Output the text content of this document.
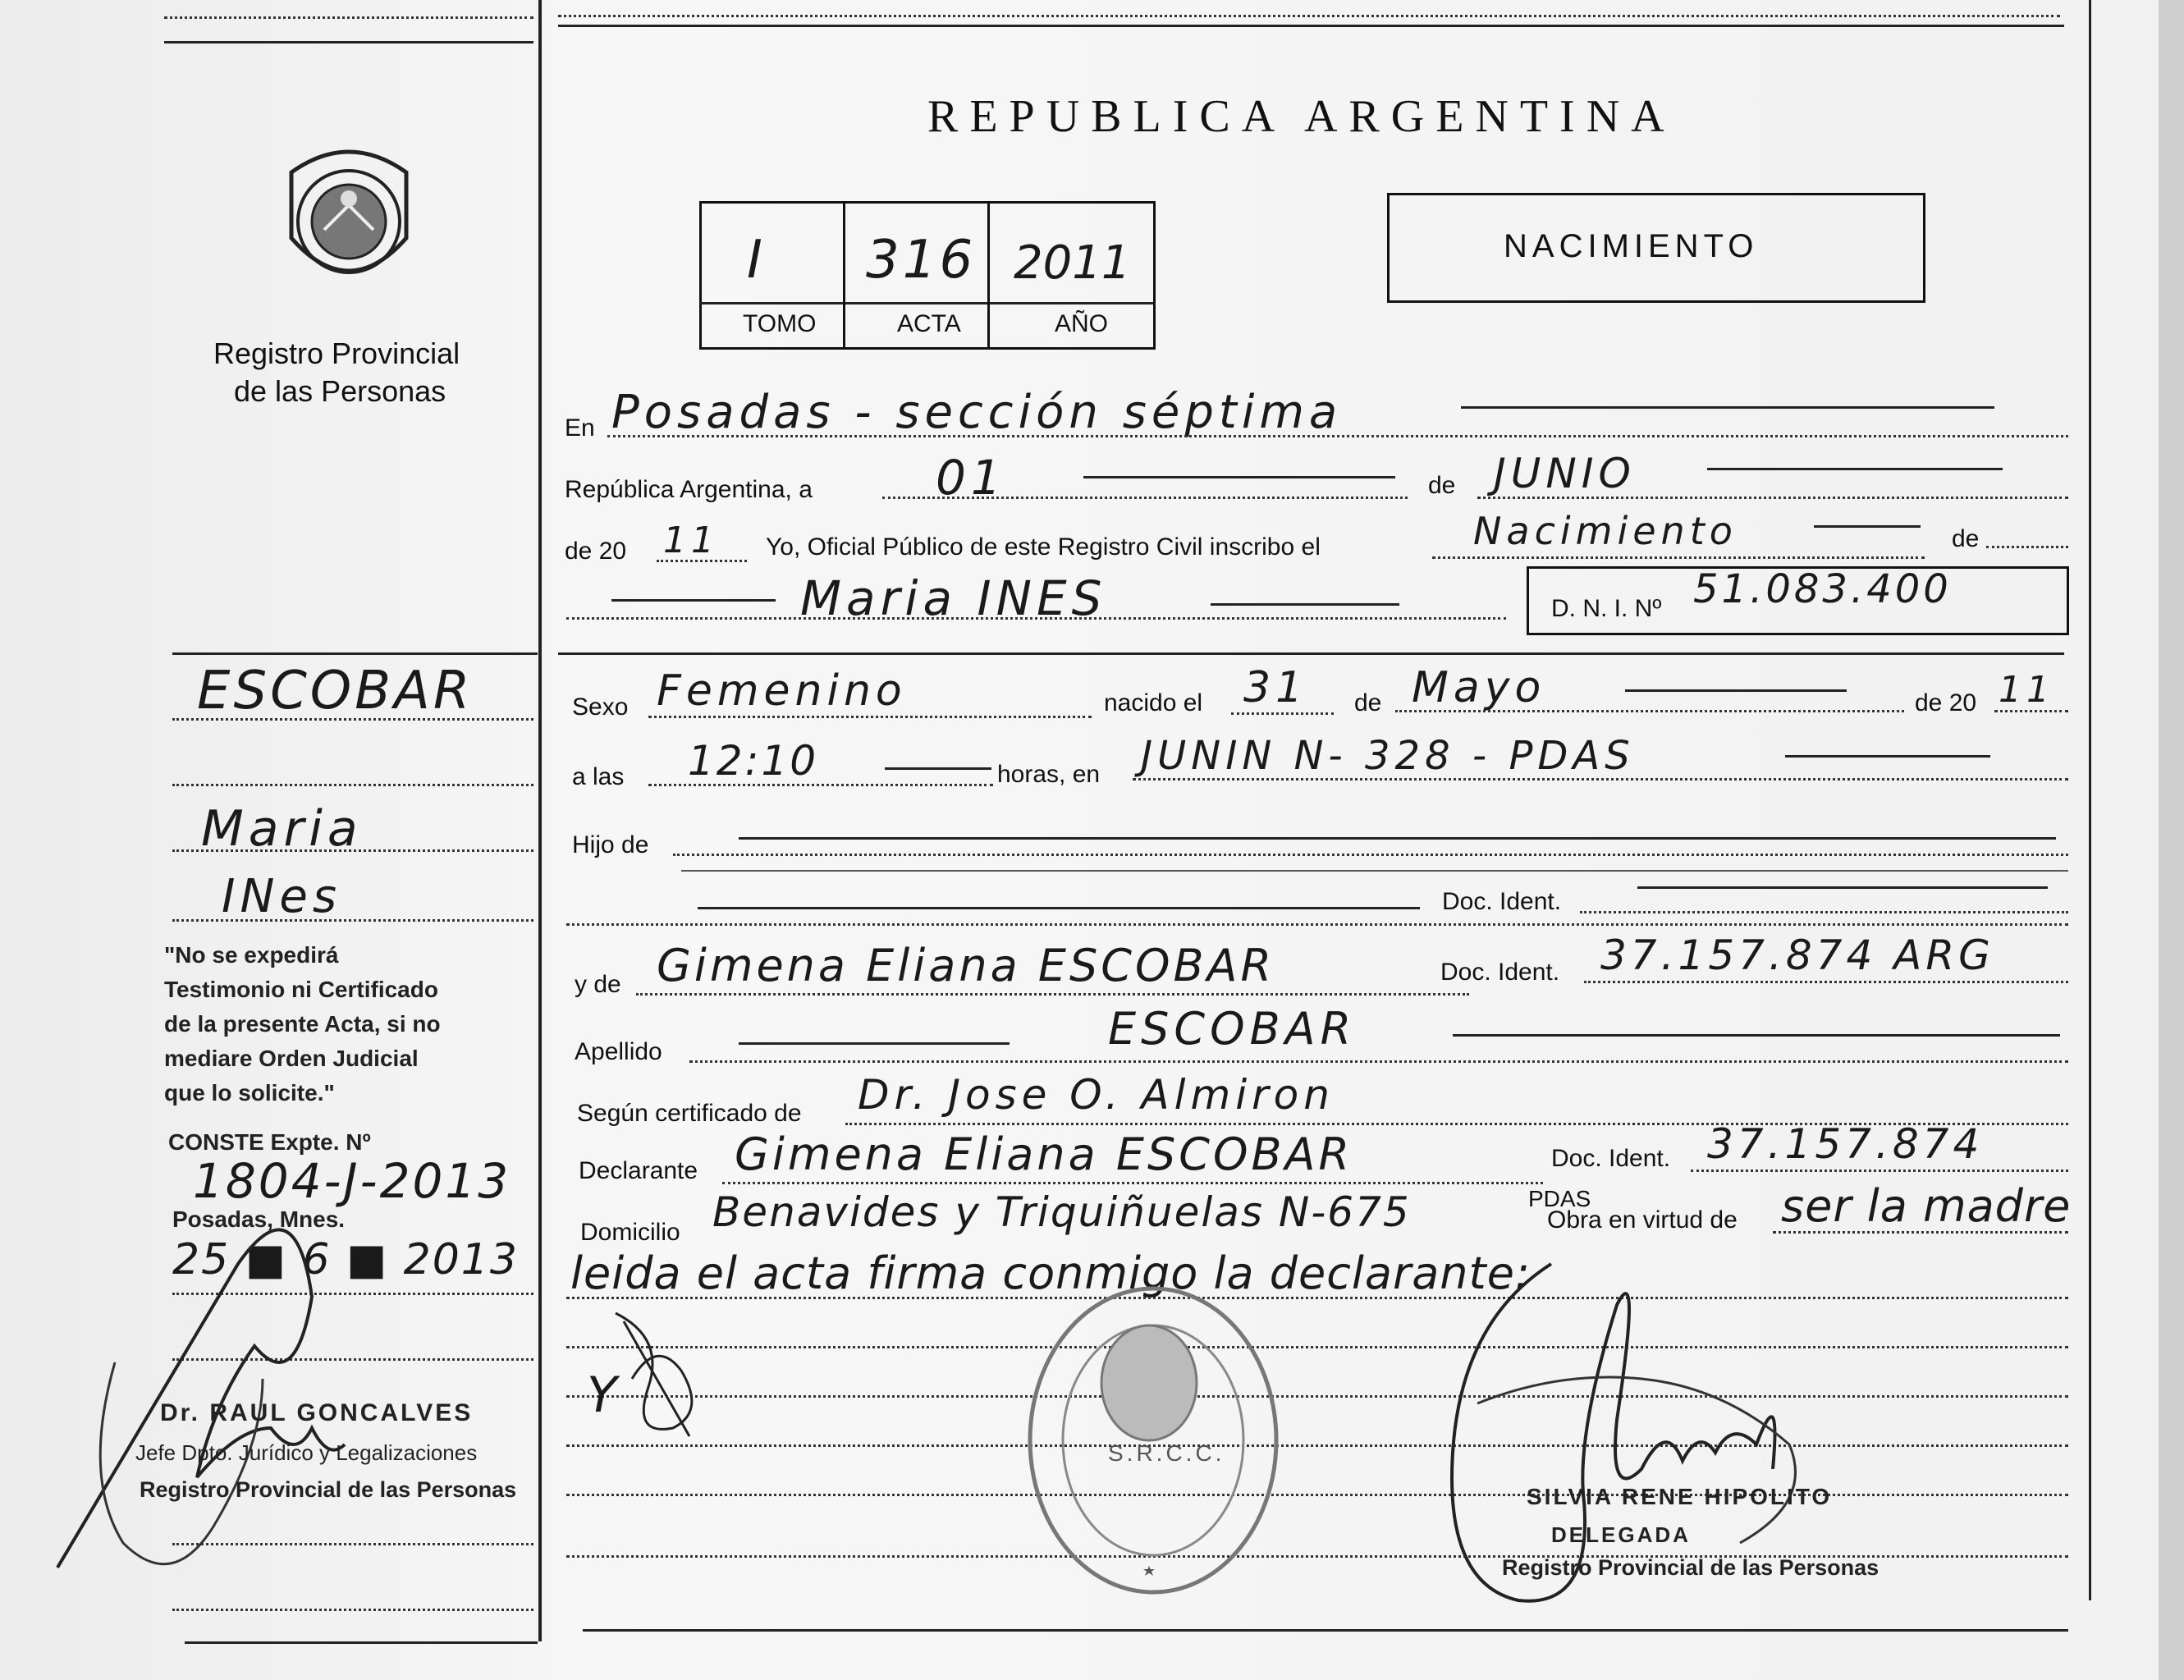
REPUBLICA ARGENTINA
Registro Provincial
de las Personas
I 316 2011
TOMO	ACTA	AÑO
NACIMIENTO
ESCOBAR
Maria
INes
"No se expedirá
Testimonio ni Certificado
de la presente Acta, si no
mediare Orden Judicial
que lo solicite."
CONSTE Expte. Nº
1804-J-2013
Posadas, Mnes.
25 ■ 6 ■ 2013
Dr. RAUL GONCALVES
Jefe Dpto. Jurídico y Legalizaciones
Registro Provincial de las Personas
En Posadas - sección séptima
República Argentina, a	01	de JUNIO
de 20 11 Yo, Oficial Público de este Registro Civil inscribo el	Nacimiento	de
Maria INES	D. N. I. Nº 51.083.400
Sexo Femenino	nacido el 31 de Mayo	de 20 11
a las 12:10	horas, en JUNIN N- 328 - PDAS
Hijo de
Doc. Ident.
y de Gimena Eliana ESCOBAR	Doc. Ident. 37.157.874 ARG
Apellido	ESCOBAR
Según certificado de Dr. Jose O. Almiron
Declarante Gimena Eliana ESCOBAR	Doc. Ident. 37.157.874
Domicilio Benavides y Triquiñuelas N-675	PDAS
Obra en virtud de ser la madre
leida el acta firma conmigo la declarante:
Y
S.R.C.C.
SILVIA RENE HIPOLITO
DELEGADA
Registro Provincial de las Personas
